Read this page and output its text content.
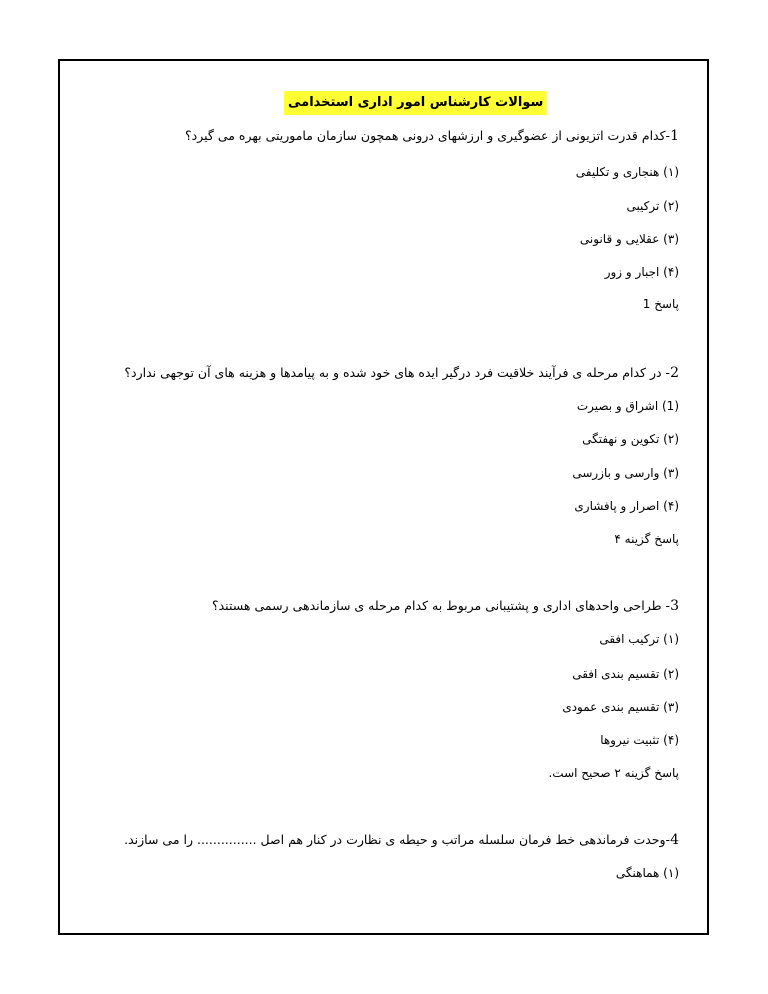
سوالات کارشناس امور اداری استخدامی
1-کدام قدرت اتزیونی از عضوگیری و ارزشهای درونی همچون سازمان ماموریتی بهره می گیرد؟
(۱) هنجاری و تکلیفی
(۲) ترکیبی
(۳) عقلایی و قانونی
(۴) اجبار و زور
پاسخ 1
2- در کدام مرحله ی فرآیند خلاقیت فرد درگیر ایده های خود شده و به پیامدها و هزینه های آن توجهی ندارد؟
(1) اشراق و بصیرت
(۲) تکوین و نهفتگی
(۳) وارسی و بازرسی
(۴) اصرار و پافشاری
پاسخ گزینه ۴
3- طراحی واحدهای اداری و پشتیبانی مربوط به کدام مرحله ی سازماندهی رسمی هستند؟
(۱) ترکیب افقی
(۲) تقسیم بندی افقی
(۳) تقسیم بندی عمودی
(۴) تثبیت نیروها
پاسخ گزینه ۲ صحیح است.
4-وحدت فرماندهی خط فرمان سلسله مراتب و حیطه ی نظارت در کنار هم اصل ............... را می سازند.
(۱) هماهنگی
